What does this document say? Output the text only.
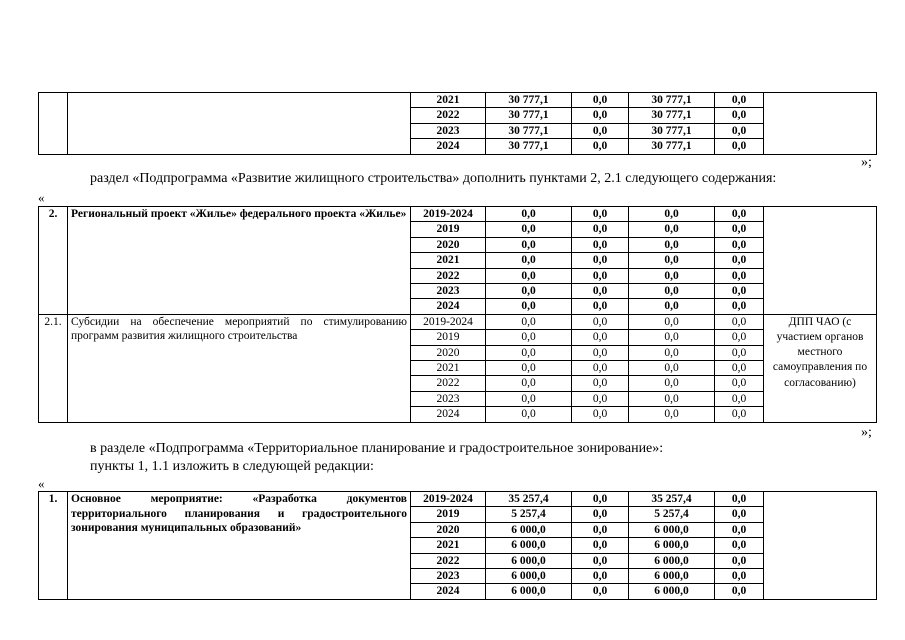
		2021	30 777,1	0,0	30 777,1	0,0	
		2022	30 777,1	0,0	30 777,1	0,0	
		2023	30 777,1	0,0	30 777,1	0,0	
		2024	30 777,1	0,0	30 777,1	0,0	
»;
раздел «Подпрограмма «Развитие жилищного строительства» дополнить пунктами 2, 2.1 следующего содержания:
«
2.	Региональный проект «Жилье» федерального проекта «Жилье»	2019-2024	0,0	0,0	0,0	0,0	
		2019	0,0	0,0	0,0	0,0	
		2020	0,0	0,0	0,0	0,0	
		2021	0,0	0,0	0,0	0,0	
		2022	0,0	0,0	0,0	0,0	
		2023	0,0	0,0	0,0	0,0	
		2024	0,0	0,0	0,0	0,0	
2.1.	Субсидии на обеспечение мероприятий по стимулированию программ развития жилищного строительства	2019-2024	0,0	0,0	0,0	0,0	ДПП ЧАО (с участием органов местного самоуправления по согласованию)
		2019	0,0	0,0	0,0	0,0	
		2020	0,0	0,0	0,0	0,0	
		2021	0,0	0,0	0,0	0,0	
		2022	0,0	0,0	0,0	0,0	
		2023	0,0	0,0	0,0	0,0	
		2024	0,0	0,0	0,0	0,0	
»;
в разделе «Подпрограмма «Территориальное планирование и градостроительное зонирование»:
пункты 1, 1.1 изложить в следующей редакции:
«
1.	Основное мероприятие: «Разработка документов территориального планирования и градостроительного зонирования муниципальных образований»	2019-2024	35 257,4	0,0	35 257,4	0,0	
		2019	5 257,4	0,0	5 257,4	0,0	
		2020	6 000,0	0,0	6 000,0	0,0	
		2021	6 000,0	0,0	6 000,0	0,0	
		2022	6 000,0	0,0	6 000,0	0,0	
		2023	6 000,0	0,0	6 000,0	0,0	
		2024	6 000,0	0,0	6 000,0	0,0	
